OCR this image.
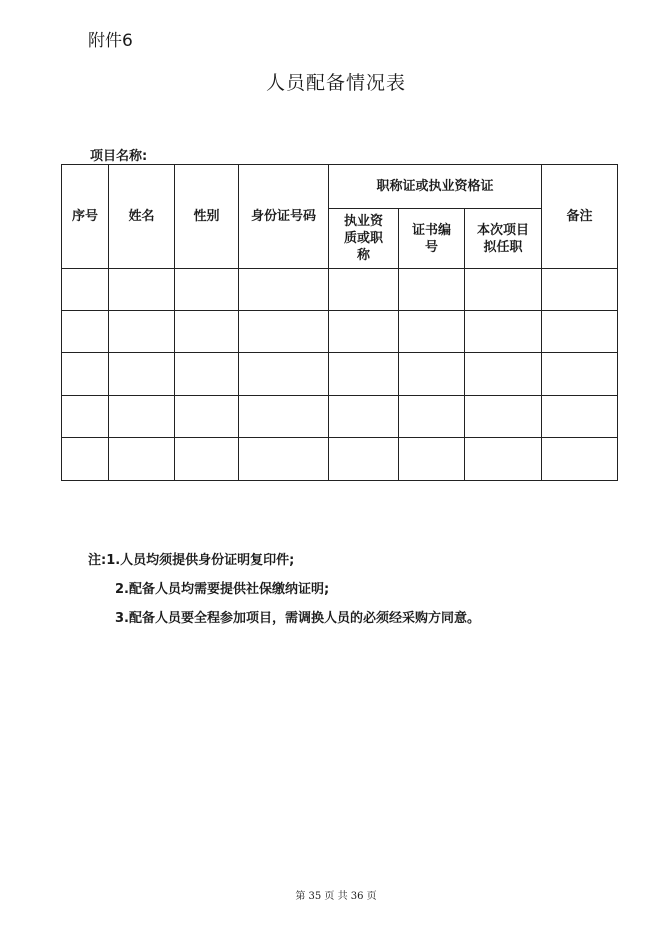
附件6
人员配备情况表
项目名称:
序号	姓名	性别	身份证号码	职称证或执业资格证			备注
				执业资质或职称	证书编号	本次项目拟任职	

注:1.人员均须提供身份证明复印件;
2.配备人员均需要提供社保缴纳证明;
3.配备人员要全程参加项目，需调换人员的必须经采购方同意。
第 35 页 共 36 页
